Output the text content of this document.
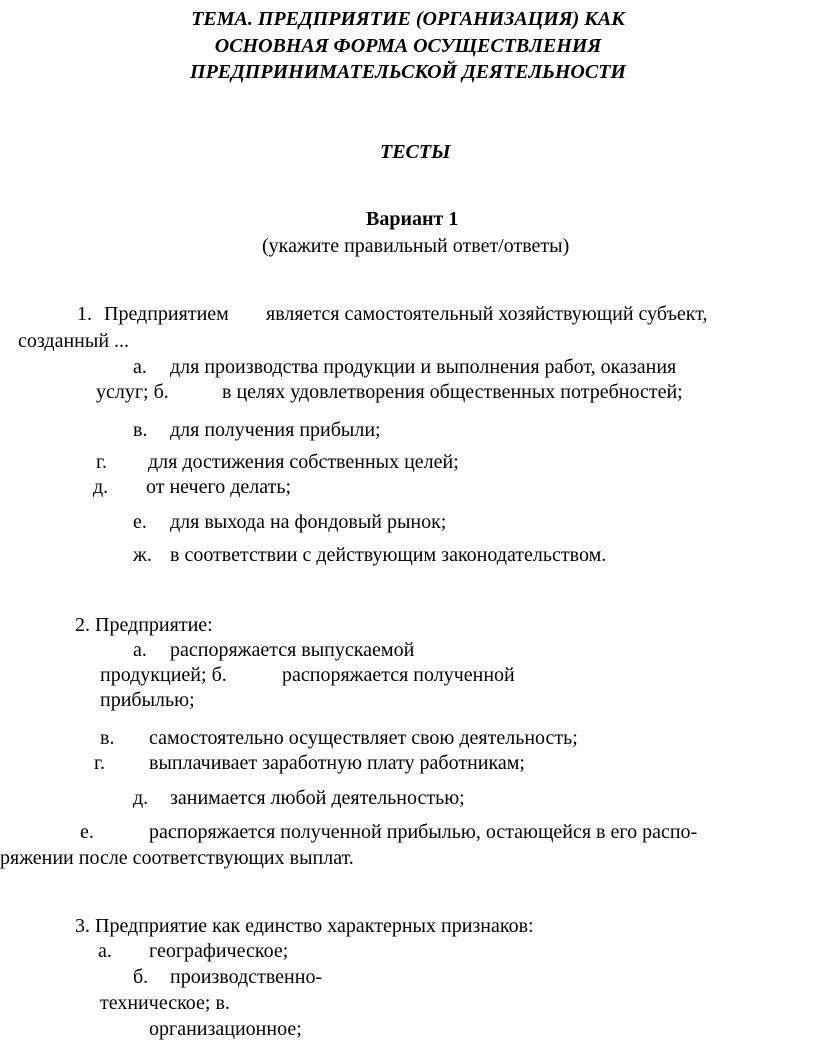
ТЕМА. ПРЕДПРИЯТИЕ (ОРГАНИЗАЦИЯ) КАК
ОСНОВНАЯ ФОРМА ОСУЩЕСТВЛЕНИЯ
ПРЕДПРИНИМАТЕЛЬСКОЙ ДЕЯТЕЛЬНОСТИ
ТЕСТЫ
Вариант 1
(укажите правильный ответ/ответы)
1. Предприятием является самостоятельный хозяйствующий субъект,
созданный ...
а. для производства продукции и выполнения работ, оказания
услуг; б.	в целях удовлетворения общественных потребностей;
в. для получения прибыли;
г. для достижения собственных целей;
д. от нечего делать;
е. для выхода на фондовый рынок;
ж. в соответствии с действующим законодательством.
2. Предприятие:
а. распоряжается выпускаемой
продукцией; б.	распоряжается полученной
прибылью;
в. самостоятельно осуществляет свою деятельность;
г. выплачивает заработную плату работникам;
д. занимается любой деятельностью;
е.	распоряжается полученной прибылью, остающейся в его распо-
ряжении после соответствующих выплат.
3. Предприятие как единство характерных признаков:
а. географическое;
б. производственно-
техническое; в.
организационное;
